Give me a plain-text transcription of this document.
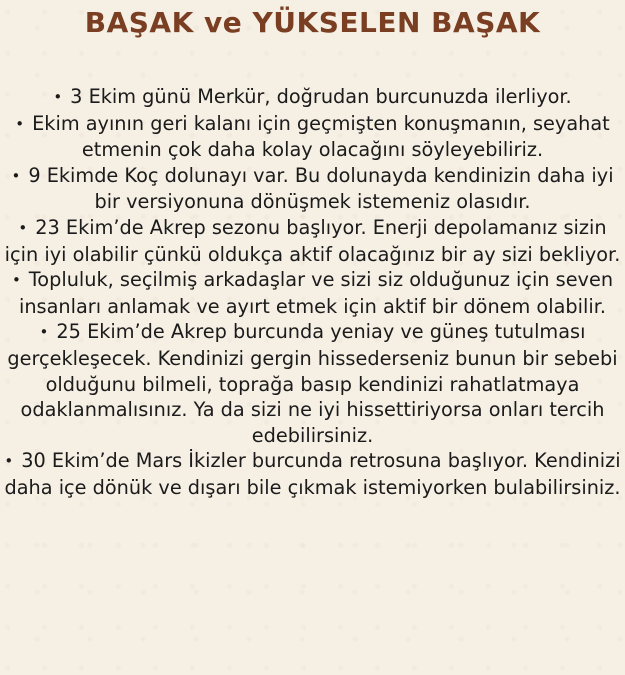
BAŞAK ve YÜKSELEN BAŞAK
• 3 Ekim günü Merkür, doğrudan burcunuzda ilerliyor.
• Ekim ayının geri kalanı için geçmişten konuşmanın, seyahat etmenin çok daha kolay olacağını söyleyebiliriz.
• 9 Ekimde Koç dolunayı var. Bu dolunayda kendinizin daha iyi bir versiyonuna dönüşmek istemeniz olasıdır.
• 23 Ekim’de Akrep sezonu başlıyor. Enerji depolamanız sizin için iyi olabilir çünkü oldukça aktif olacağınız bir ay sizi bekliyor.
• Topluluk, seçilmiş arkadaşlar ve sizi siz olduğunuz için seven insanları anlamak ve ayırt etmek için aktif bir dönem olabilir.
• 25 Ekim’de Akrep burcunda yeniay ve güneş tutulması gerçekleşecek. Kendinizi gergin hissederseniz bunun bir sebebi olduğunu bilmeli, toprağa basıp kendinizi rahatlatmaya odaklanmalısınız. Ya da sizi ne iyi hissettiriyorsa onları tercih edebilirsiniz.
• 30 Ekim’de Mars İkizler burcunda retrosuna başlıyor. Kendinizi daha içe dönük ve dışarı bile çıkmak istemiyorken bulabilirsiniz.
